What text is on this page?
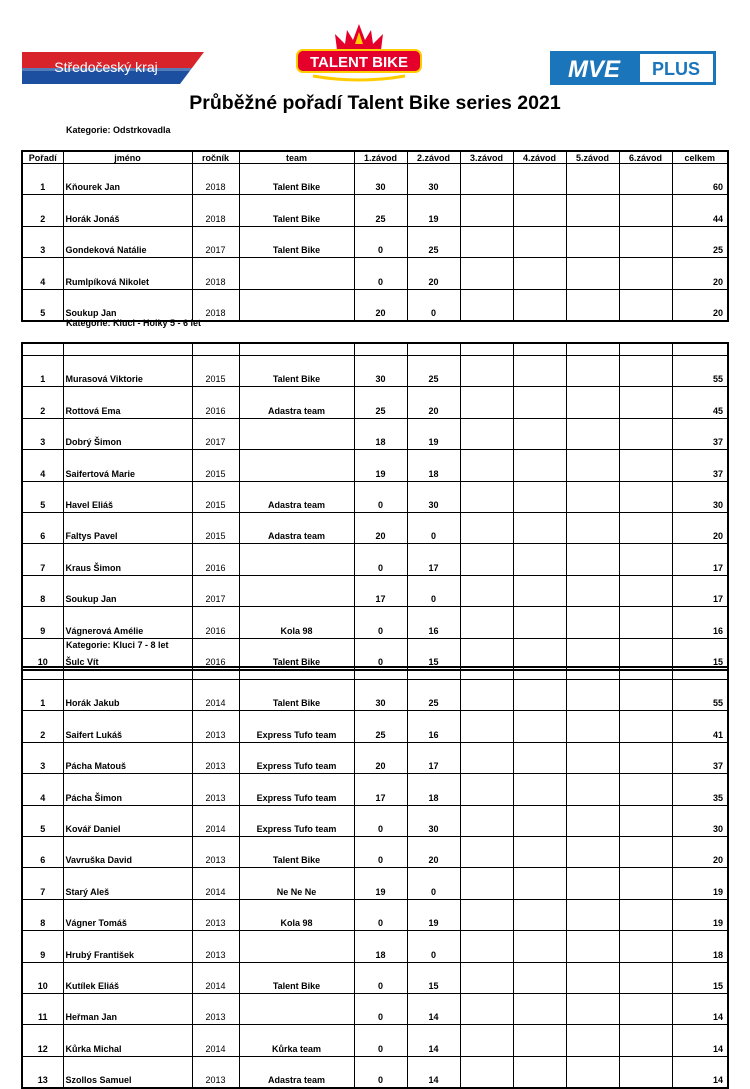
Středočeský kraj	TALENT BIKE	MVE PLUS
Průběžné pořadí Talent Bike series 2021
Kategorie: Odstrkovadla
Pořadí	jméno	ročník	team	1.závod	2.závod	3.závod	4.závod	5.závod	6.závod	celkem
1	Kňourek Jan	2018	Talent Bike	30	30					60
2	Horák Jonáš	2018	Talent Bike	25	19					44
3	Gondeková Natálie	2017	Talent Bike	0	25					25
4	Rumlpíková Nikolet	2018		0	20					20
5	Soukup Jan	2018		20	0					20
Kategorie: Kluci - Holky 5 - 6 let

1	Murasová Viktorie	2015	Talent Bike	30	25					55
2	Rottová Ema	2016	Adastra team	25	20					45
3	Dobrý Šimon	2017		18	19					37
4	Saifertová Marie	2015		19	18					37
5	Havel Eliáš	2015	Adastra team	0	30					30
6	Faltys Pavel	2015	Adastra team	20	0					20
7	Kraus Šimon	2016		0	17					17
8	Soukup Jan	2017		17	0					17
9	Vágnerová Amélie	2016	Kola 98	0	16					16
10	Šulc Vít	2016	Talent Bike	0	15					15
Kategorie: Kluci 7 - 8 let

1	Horák Jakub	2014	Talent Bike	30	25					55
2	Saifert Lukáš	2013	Express Tufo team	25	16					41
3	Pácha Matouš	2013	Express Tufo team	20	17					37
4	Pácha Šimon	2013	Express Tufo team	17	18					35
5	Kovář Daniel	2014	Express Tufo team	0	30					30
6	Vavruška David	2013	Talent Bike	0	20					20
7	Starý Aleš	2014	Ne Ne Ne	19	0					19
8	Vágner Tomáš	2013	Kola 98	0	19					19
9	Hrubý František	2013		18	0					18
10	Kutílek Eliáš	2014	Talent Bike	0	15					15
11	Heřman Jan	2013		0	14					14
12	Kůrka Michal	2014	Kůrka team	0	14					14
13	Szollos Samuel	2013	Adastra team	0	14					14
